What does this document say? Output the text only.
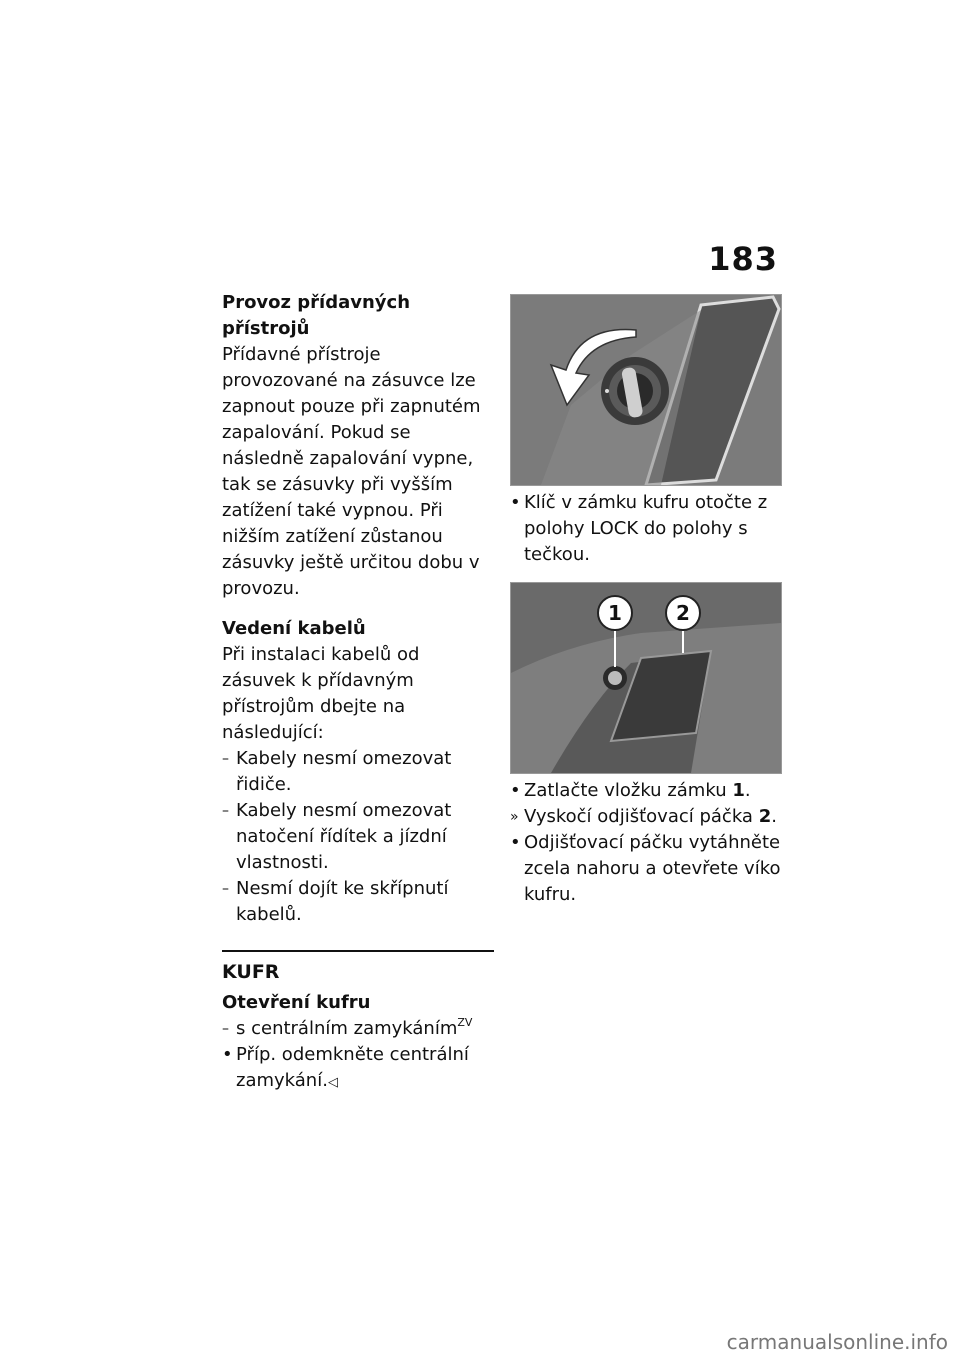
183
Provoz přídavných přístrojů

Přídavné přístroje provozované na zásuvce lze zapnout pouze při zapnutém zapalování. Pokud se následně zapalování vypne, tak se zásuvky při vyšším zatížení také vypnou. Při nižším zatížení zůstanou zásuvky ještě určitou dobu v provozu.

Vedení kabelů

Při instalaci kabelů od zásuvek k přídavným přístrojům dbejte na následující:

– Kabely nesmí omezovat řidiče.
– Kabely nesmí omezovat natočení řídítek a jízdní vlastnosti.
– Nesmí dojít ke skřípnutí kabelů.
KUFR
Otevření kufru
– s centrálním zamykáním$^{ZV}$
• Příp. odemkněte centrální zamykání.◁
• Klíč v zámku kufru otočte z polohy LOCK do polohy s tečkou.
1	2
• Zatlačte vložku zámku 1.
» Vyskočí odjišťovací páčka 2.
• Odjišťovací páčku vytáhněte zcela nahoru a otevřete víko kufru.
carmanualsonline.info
